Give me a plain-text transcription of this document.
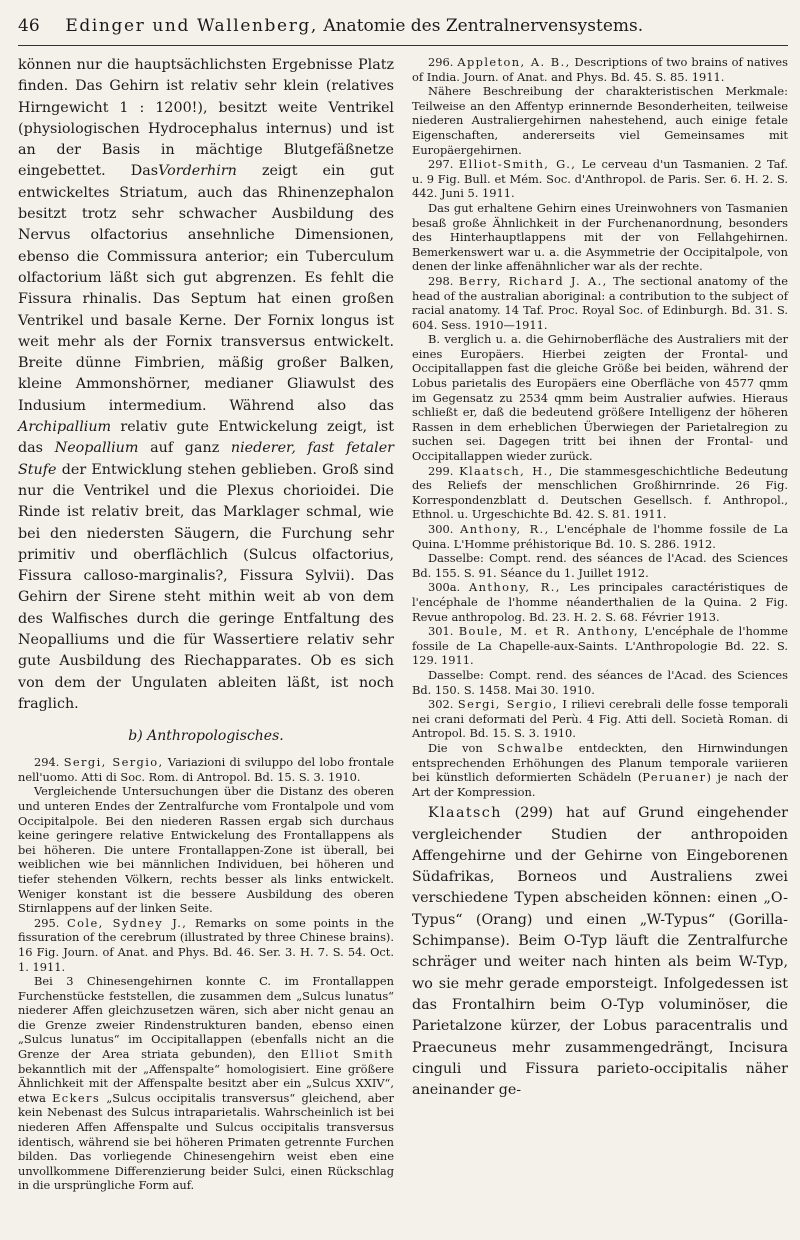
46 Edinger und Wallenberg, Anatomie des Zentralnervensystems.

können nur die hauptsächlichsten Ergebnisse Platz finden. Das Gehirn ist relativ sehr klein (relatives Hirngewicht 1 : 1200!), besitzt weite Ventrikel (physiologischen Hydrocephalus internus) und ist an der Basis in mächtige Blutgefäßnetze eingebettet. DasVorderhirn zeigt ein gut entwickeltes Striatum, auch das Rhinenzephalon besitzt trotz sehr schwacher Ausbildung des Nervus olfactorius ansehnliche Dimensionen, ebenso die Commissura anterior; ein Tuberculum olfactorium läßt sich gut abgrenzen. Es fehlt die Fissura rhinalis. Das Septum hat einen großen Ventrikel und basale Kerne. Der Fornix longus ist weit mehr als der Fornix transversus entwickelt. Breite dünne Fimbrien, mäßig großer Balken, kleine Ammonshörner, medianer Gliawulst des Indusium intermedium. Während also das Archipallium relativ gute Entwickelung zeigt, ist das Neopallium auf ganz niederer, fast fetaler Stufe der Entwicklung stehen geblieben. Groß sind nur die Ventrikel und die Plexus chorioidei. Die Rinde ist relativ breit, das Marklager schmal, wie bei den niedersten Säugern, die Furchung sehr primitiv und oberflächlich (Sulcus olfactorius, Fissura calloso-marginalis?, Fissura Sylvii). Das Gehirn der Sirene steht mithin weit ab von dem des Walfisches durch die geringe Entfaltung des Neopalliums und die für Wassertiere relativ sehr gute Ausbildung des Riechapparates. Ob es sich von dem der Ungulaten ableiten läßt, ist noch fraglich.

b) Anthropologisches.

294. Sergi, Sergio, Variazioni di sviluppo del lobo frontale nell'uomo. Atti di Soc. Rom. di Antropol. Bd. 15. S. 3. 1910.

Vergleichende Untersuchungen über die Distanz des oberen und unteren Endes der Zentralfurche vom Frontalpole und vom Occipitalpole. Bei den niederen Rassen ergab sich durchaus keine geringere relative Entwickelung des Frontallappens als bei höheren. Die untere Frontallappen-Zone ist überall, bei weiblichen wie bei männlichen Individuen, bei höheren und tiefer stehenden Völkern, rechts besser als links entwickelt. Weniger konstant ist die bessere Ausbildung des oberen Stirnlappens auf der linken Seite.

295. Cole, Sydney J., Remarks on some points in the fissuration of the cerebrum (illustrated by three Chinese brains). 16 Fig. Journ. of Anat. and Phys. Bd. 46. Ser. 3. H. 7. S. 54. Oct. 1. 1911.

Bei 3 Chinesengehirnen konnte C. im Frontallappen Furchenstücke feststellen, die zusammen dem „Sulcus lunatus“ niederer Affen gleichzusetzen wären, sich aber nicht genau an die Grenze zweier Rindenstrukturen banden, ebenso einen „Sulcus lunatus“ im Occipitallappen (ebenfalls nicht an die Grenze der Area striata gebunden), den Elliot Smith bekanntlich mit der „Affenspalte“ homologisiert. Eine größere Ähnlichkeit mit der Affenspalte besitzt aber ein „Sulcus XXIV“, etwa Eckers „Sulcus occipitalis transversus“ gleichend, aber kein Nebenast des Sulcus intraparietalis. Wahrscheinlich ist bei niederen Affen Affenspalte und Sulcus occipitalis transversus identisch, während sie bei höheren Primaten getrennte Furchen bilden. Das vorliegende Chinesengehirn weist eben eine unvollkommene Differenzierung beider Sulci, einen Rückschlag in die ursprüngliche Form auf.

296. Appleton, A. B., Descriptions of two brains of natives of India. Journ. of Anat. and Phys. Bd. 45. S. 85. 1911.

Nähere Beschreibung der charakteristischen Merkmale: Teilweise an den Affentyp erinnernde Besonderheiten, teilweise niederen Australiergehirnen nahestehend, auch einige fetale Eigenschaften, andererseits viel Gemeinsames mit Europäergehirnen.

297. Elliot-Smith, G., Le cerveau d'un Tasmanien. 2 Taf. u. 9 Fig. Bull. et Mém. Soc. d'Anthropol. de Paris. Ser. 6. H. 2. S. 442. Juni 5. 1911.

Das gut erhaltene Gehirn eines Ureinwohners von Tasmanien besaß große Ähnlichkeit in der Furchenanordnung, besonders des Hinterhauptlappens mit der von Fellahgehirnen. Bemerkenswert war u. a. die Asymmetrie der Occipitalpole, von denen der linke affenähnlicher war als der rechte.

298. Berry, Richard J. A., The sectional anatomy of the head of the australian aboriginal: a contribution to the subject of racial anatomy. 14 Taf. Proc. Royal Soc. of Edinburgh. Bd. 31. S. 604. Sess. 1910—1911.

B. verglich u. a. die Gehirnoberfläche des Australiers mit der eines Europäers. Hierbei zeigten der Frontal- und Occipitallappen fast die gleiche Größe bei beiden, während der Lobus parietalis des Europäers eine Oberfläche von 4577 qmm im Gegensatz zu 2534 qmm beim Australier aufwies. Hieraus schließt er, daß die bedeutend größere Intelligenz der höheren Rassen in dem erheblichen Überwiegen der Parietalregion zu suchen sei. Dagegen tritt bei ihnen der Frontal- und Occipitallappen wieder zurück.

299. Klaatsch, H., Die stammesgeschichtliche Bedeutung des Reliefs der menschlichen Großhirnrinde. 26 Fig. Korrespondenzblatt d. Deutschen Gesellsch. f. Anthropol., Ethnol. u. Urgeschichte Bd. 42. S. 81. 1911.

300. Anthony, R., L'encéphale de l'homme fossile de La Quina. L'Homme préhistorique Bd. 10. S. 286. 1912.

Dasselbe: Compt. rend. des séances de l'Acad. des Sciences Bd. 155. S. 91. Séance du 1. Juillet 1912.

300a. Anthony, R., Les principales caractéristiques de l'encéphale de l'homme néanderthalien de la Quina. 2 Fig. Revue anthropolog. Bd. 23. H. 2. S. 68. Février 1913.

301. Boule, M. et R. Anthony, L'encéphale de l'homme fossile de La Chapelle-aux-Saints. L'Anthropologie Bd. 22. S. 129. 1911.

Dasselbe: Compt. rend. des séances de l'Acad. des Sciences Bd. 150. S. 1458. Mai 30. 1910.

302. Sergi, Sergio, I rilievi cerebrali delle fosse temporali nei crani deformati del Perù. 4 Fig. Atti dell. Società Roman. di Antropol. Bd. 15. S. 3. 1910.

Die von Schwalbe entdeckten, den Hirnwindungen entsprechenden Erhöhungen des Planum temporale variieren bei künstlich deformierten Schädeln (Peruaner) je nach der Art der Kompression.

Klaatsch (299) hat auf Grund eingehender vergleichender Studien der anthropoiden Affengehirne und der Gehirne von Eingeborenen Südafrikas, Borneos und Australiens zwei verschiedene Typen abscheiden können: einen „O-Typus“ (Orang) und einen „W-Typus“ (Gorilla-Schimpanse). Beim O-Typ läuft die Zentralfurche schräger und weiter nach hinten als beim W-Typ, wo sie mehr gerade emporsteigt. Infolgedessen ist das Frontalhirn beim O-Typ voluminöser, die Parietalzone kürzer, der Lobus paracentralis und Praecuneus mehr zusammengedrängt, Incisura cinguli und Fissura parieto-occipitalis näher aneinander ge-
